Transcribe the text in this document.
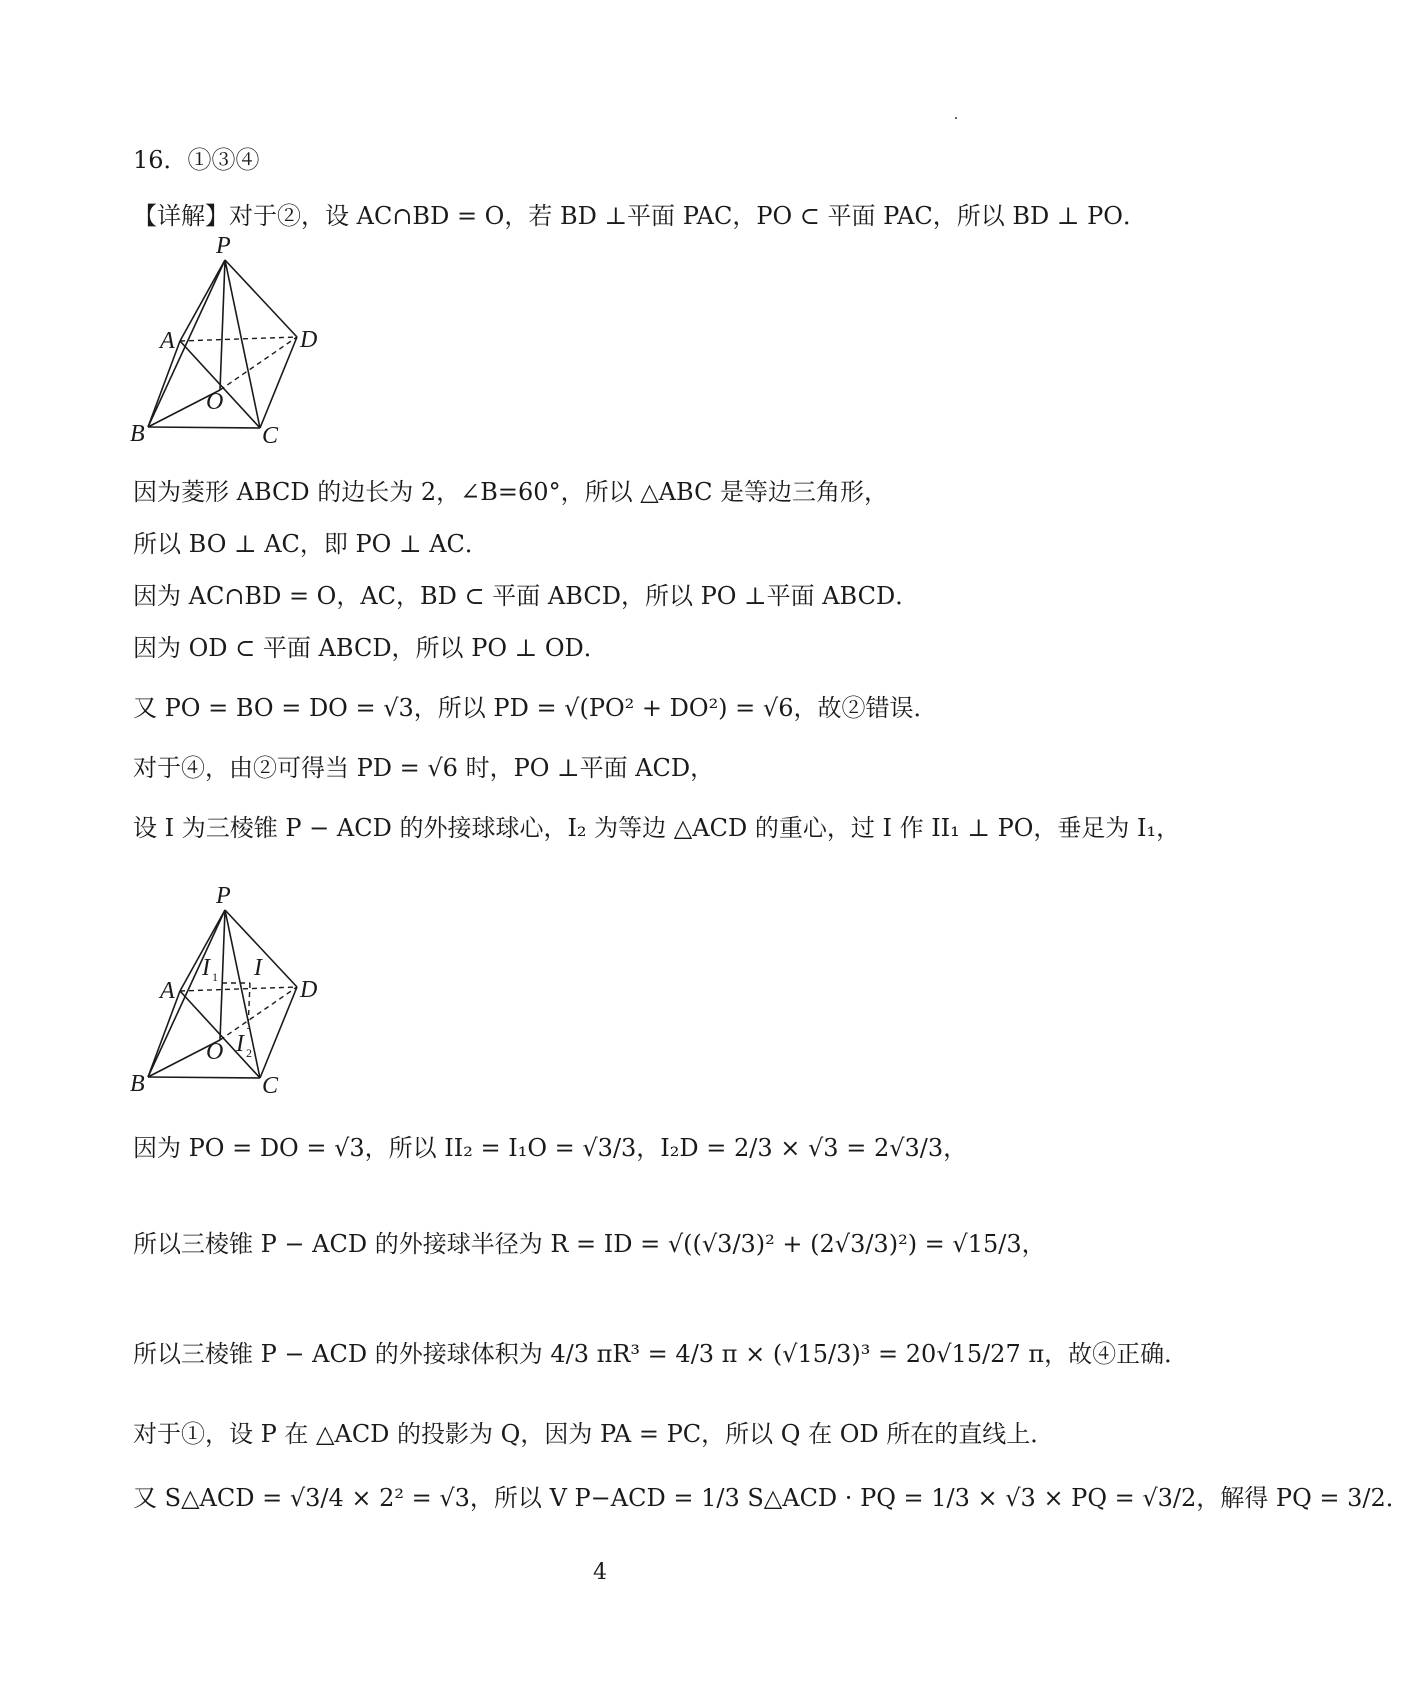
16．①③④
【详解】对于②，设 AC∩BD = O，若 BD ⊥平面 PAC，PO ⊂ 平面 PAC，所以 BD ⊥ PO．
P
A	D
B	C
O
因为菱形 ABCD 的边长为 2，∠B=60°，所以 △ABC 是等边三角形，
所以 BO ⊥ AC，即 PO ⊥ AC．
因为 AC∩BD = O，AC，BD ⊂ 平面 ABCD，所以 PO ⊥平面 ABCD．
因为 OD ⊂ 平面 ABCD，所以 PO ⊥ OD．
又 PO = BO = DO = √3，所以 PD = √(PO² + DO²) = √6，故②错误．
对于④，由②可得当 PD = √6 时，PO ⊥平面 ACD，
设 I 为三棱锥 P − ACD 的外接球球心，I₂ 为等边 △ACD 的重心，过 I 作 II₁ ⊥ PO，垂足为 I₁，
P
A	D
B	C
O
I
I 1
I 2
因为 PO = DO = √3，所以 II₂ = I₁O = √3/3，I₂D = 2/3 × √3 = 2√3/3，
所以三棱锥 P − ACD 的外接球半径为 R = ID = √((√3/3)² + (2√3/3)²) = √15/3，
所以三棱锥 P − ACD 的外接球体积为 4/3 πR³ = 4/3 π × (√15/3)³ = 20√15/27 π，故④正确．
对于①，设 P 在 △ACD 的投影为 Q，因为 PA = PC，所以 Q 在 OD 所在的直线上．
又 S△ACD = √3/4 × 2² = √3，所以 V P−ACD = 1/3 S△ACD · PQ = 1/3 × √3 × PQ = √3/2，解得 PQ = 3/2．
4
